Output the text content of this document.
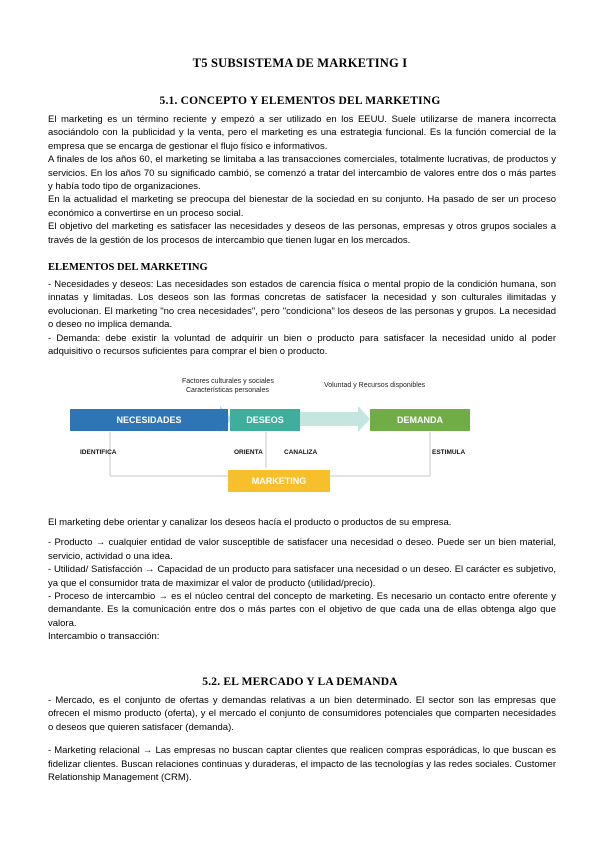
T5 SUBSISTEMA DE MARKETING I
5.1. CONCEPTO Y ELEMENTOS DEL MARKETING

El marketing es un término reciente y empezó a ser utilizado en los EEUU. Suele utilizarse de manera incorrecta asociándolo con la publicidad y la venta, pero el marketing es una estrategia funcional. Es la función comercial de la empresa que se encarga de gestionar el flujo físico e informativos.

A finales de los años 60, el marketing se limitaba a las transacciones comerciales, totalmente lucrativas, de productos y servicios. En los años 70 su significado cambió, se comenzó a tratar del intercambio de valores entre dos o más partes y había todo tipo de organizaciones.

En la actualidad el marketing se preocupa del bienestar de la sociedad en su conjunto. Ha pasado de ser un proceso económico a convertirse en un proceso social.

El objetivo del marketing es satisfacer las necesidades y deseos de las personas, empresas y otros grupos sociales a través de la gestión de los procesos de intercambio que tienen lugar en los mercados.

ELEMENTOS DEL MARKETING

- Necesidades y deseos: Las necesidades son estados de carencia física o mental propio de la condición humana, son innatas y limitadas. Los deseos son las formas concretas de satisfacer la necesidad y son culturales ilimitadas y evolucionan. El marketing "no crea necesidades", pero "condiciona" los deseos de las personas y grupos. La necesidad o deseo no implica demanda.

- Demanda: debe existir la voluntad de adquirir un bien o producto para satisfacer la necesidad unido al poder adquisitivo o recursos suficientes para comprar el bien o producto.

Factores culturales y sociales
Características personales
Voluntad y Recursos disponibles
NECESIDADES	DESEOS	DEMANDA
IDENTIFICA	ORIENTA	CANALIZA	ESTIMULA
MARKETING

El marketing debe orientar y canalizar los deseos hacía el producto o productos de su empresa.

- Producto → cualquier entidad de valor susceptible de satisfacer una necesidad o deseo. Puede ser un bien material, servicio, actividad o una idea.

- Utilidad/ Satisfacción → Capacidad de un producto para satisfacer una necesidad o un deseo. El carácter es subjetivo, ya que el consumidor trata de maximizar el valor de producto (utilidad/precio).

- Proceso de intercambio → es el núcleo central del concepto de marketing. Es necesario un contacto entre oferente y demandante. Es la comunicación entre dos o más partes con el objetivo de que cada una de ellas obtenga algo que valora.

Intercambio o transacción:

5.2. EL MERCADO Y LA DEMANDA

- Mercado, es el conjunto de ofertas y demandas relativas a un bien determinado. El sector son las empresas que ofrecen el mismo producto (oferta), y el mercado el conjunto de consumidores potenciales que comparten necesidades o deseos que quieren satisfacer (demanda).

- Marketing relacional → Las empresas no buscan captar clientes que realicen compras esporádicas, lo que buscan es fidelizar clientes. Buscan relaciones continuas y duraderas, el impacto de las tecnologías y las redes sociales. Customer Relationship Management (CRM).
